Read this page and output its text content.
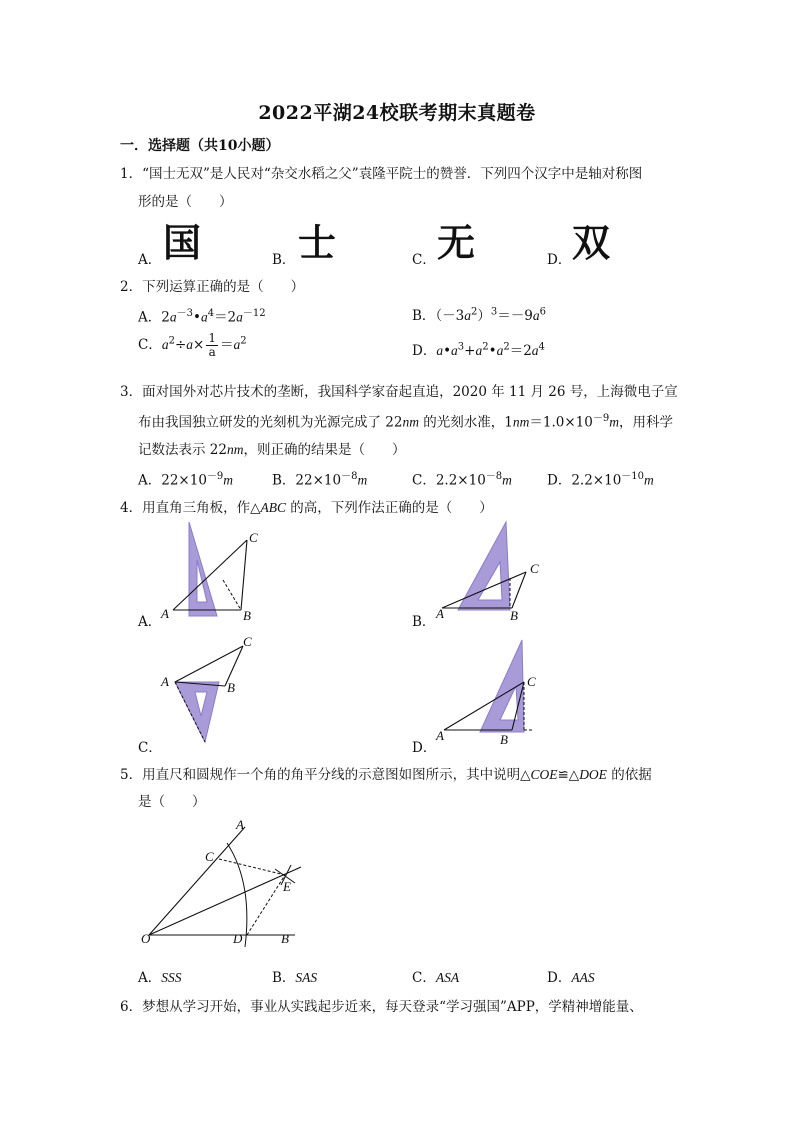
2022平湖24校联考期末真题卷
一．选择题（共10小题）
1．“国士无双”是人民对“杂交水稻之父”袁隆平院士的赞誉．下列四个汉字中是轴对称图
形的是（　　）
A． 国	B． 士	C． 无	D． 双
2．下列运算正确的是（　　）
A．$2a^{-3}•a^4=2a^{-12}$	B．$(-3a^2)^3=-9a^6$
C．$a^2\div a\times \frac{1}{a} =a^2$
D．$a•a^3+a^2•a^2=2a^4$
3．面对国外对芯片技术的垄断，我国科学家奋起直追，2020 年 11 月 26 号，上海微电子宣
布由我国独立研发的光刻机为光源完成了 22nm 的光刻水准，$1nm=1.0\times 10^{-9}m$，用科学
记数法表示 22nm，则正确的结果是（　　）
A．$22\times 10^{-9}m$	B．$22\times 10^{-8}m$	C．$2.2\times 10^{-8}m$	D．$2.2\times 10^{-10}m$
4．用直角三角板，作△ABC 的高，下列作法正确的是（　　）
A	B
C
A．
A	B
C
B．
A	B
C
C．
A	B
C
D．
5．用直尺和圆规作一个角的角平分线的示意图如图所示，其中说明△COE≌△DOE 的依据
是（　　）
A
B
C
D
E
O
A．SSS	B．SAS	C．ASA	D．AAS
6．梦想从学习开始，事业从实践起步近来，每天登录“学习强国”APP，学精神增能量、
